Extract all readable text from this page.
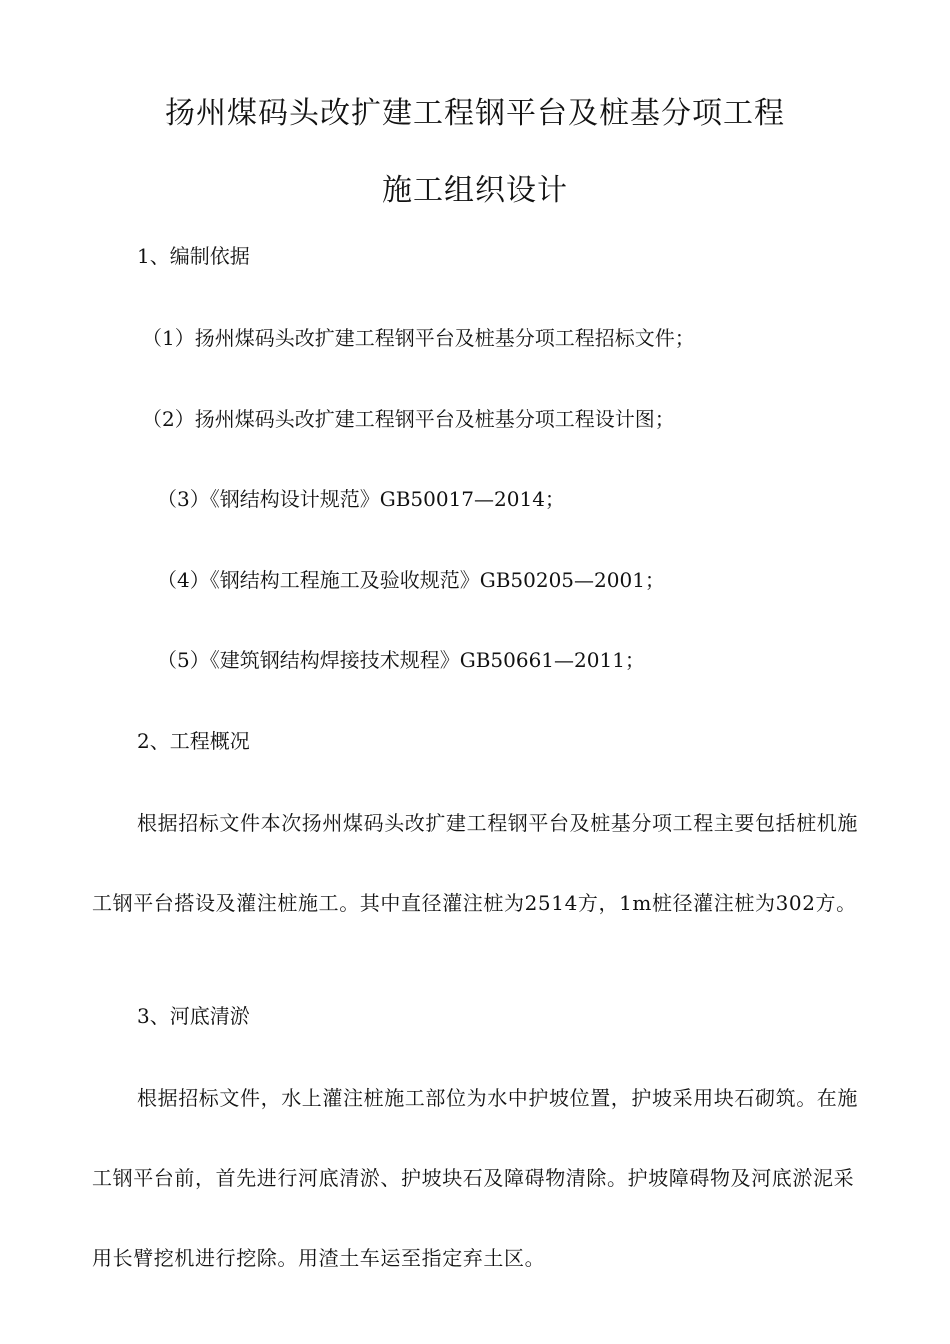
扬州煤码头改扩建工程钢平台及桩基分项工程
施工组织设计
1、编制依据
（1）扬州煤码头改扩建工程钢平台及桩基分项工程招标文件；
（2）扬州煤码头改扩建工程钢平台及桩基分项工程设计图；
（3）《钢结构设计规范》GB50017—2014；
（4）《钢结构工程施工及验收规范》GB50205—2001；
（5）《建筑钢结构焊接技术规程》GB50661—2011；
2、工程概况
根据招标文件本次扬州煤码头改扩建工程钢平台及桩基分项工程主要包括桩机施工钢平台搭设及灌注桩施工。其中直径灌注桩为2514方，1m桩径灌注桩为302方。
3、河底清淤
根据招标文件，水上灌注桩施工部位为水中护坡位置，护坡采用块石砌筑。在施工钢平台前，首先进行河底清淤、护坡块石及障碍物清除。护坡障碍物及河底淤泥采用长臂挖机进行挖除。用渣土车运至指定弃土区。
